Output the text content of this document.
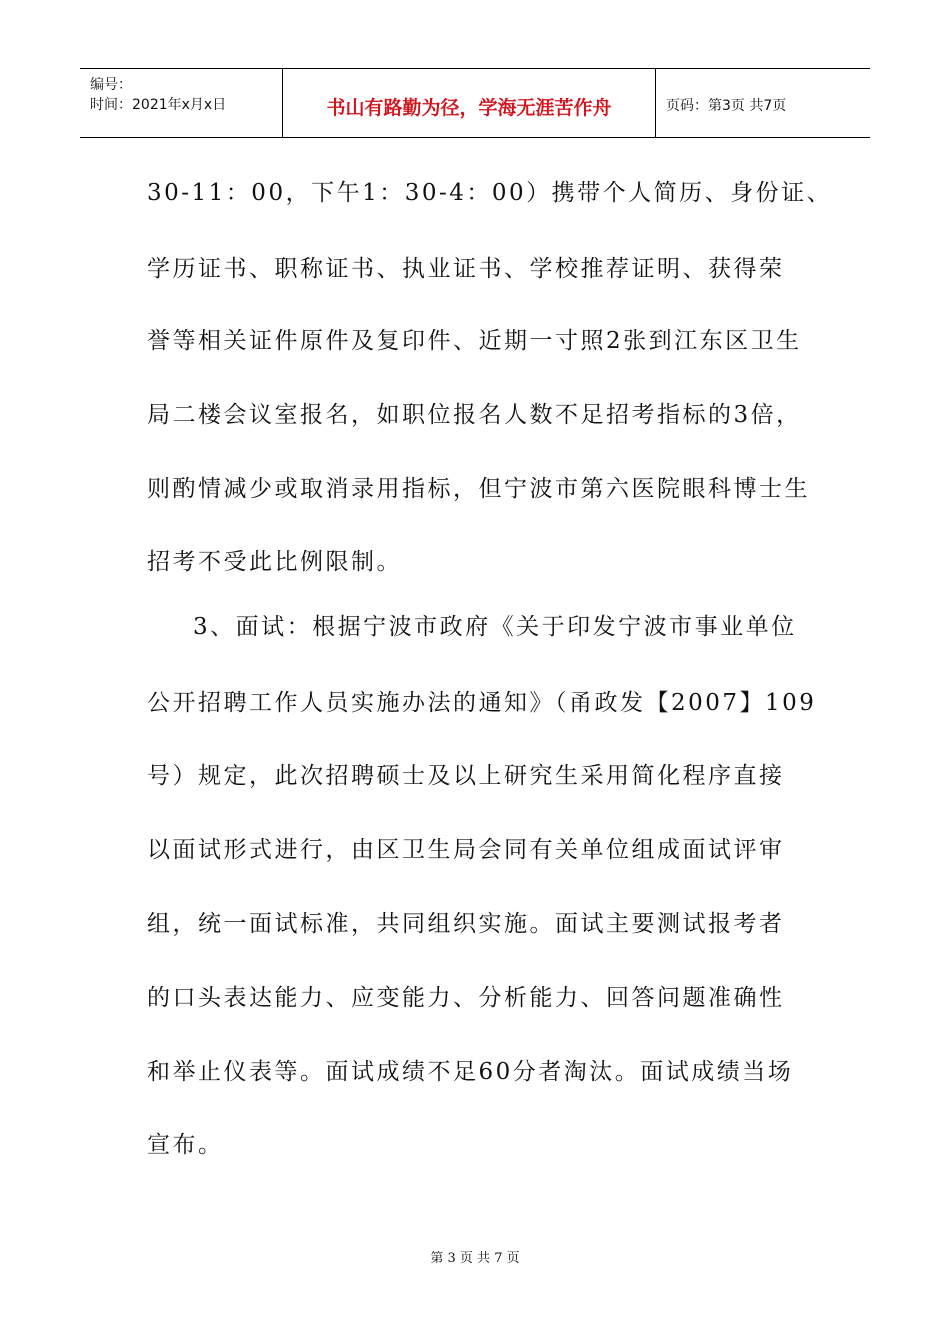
编号：
时间：2021年x月x日	书山有路勤为径，学海无涯苦作舟	页码：第3页 共7页
30-11：00，下午1：30-4：00）携带个人简历、身份证、
学历证书、职称证书、执业证书、学校推荐证明、获得荣
誉等相关证件原件及复印件、近期一寸照2张到江东区卫生
局二楼会议室报名，如职位报名人数不足招考指标的3倍，
则酌情减少或取消录用指标，但宁波市第六医院眼科博士生
招考不受此比例限制。
3、面试：根据宁波市政府《关于印发宁波市事业单位
公开招聘工作人员实施办法的通知》（甬政发【2007】109
号）规定，此次招聘硕士及以上研究生采用简化程序直接
以面试形式进行，由区卫生局会同有关单位组成面试评审
组，统一面试标准，共同组织实施。面试主要测试报考者
的口头表达能力、应变能力、分析能力、回答问题准确性
和举止仪表等。面试成绩不足60分者淘汰。面试成绩当场
宣布。
第 3 页 共 7 页
